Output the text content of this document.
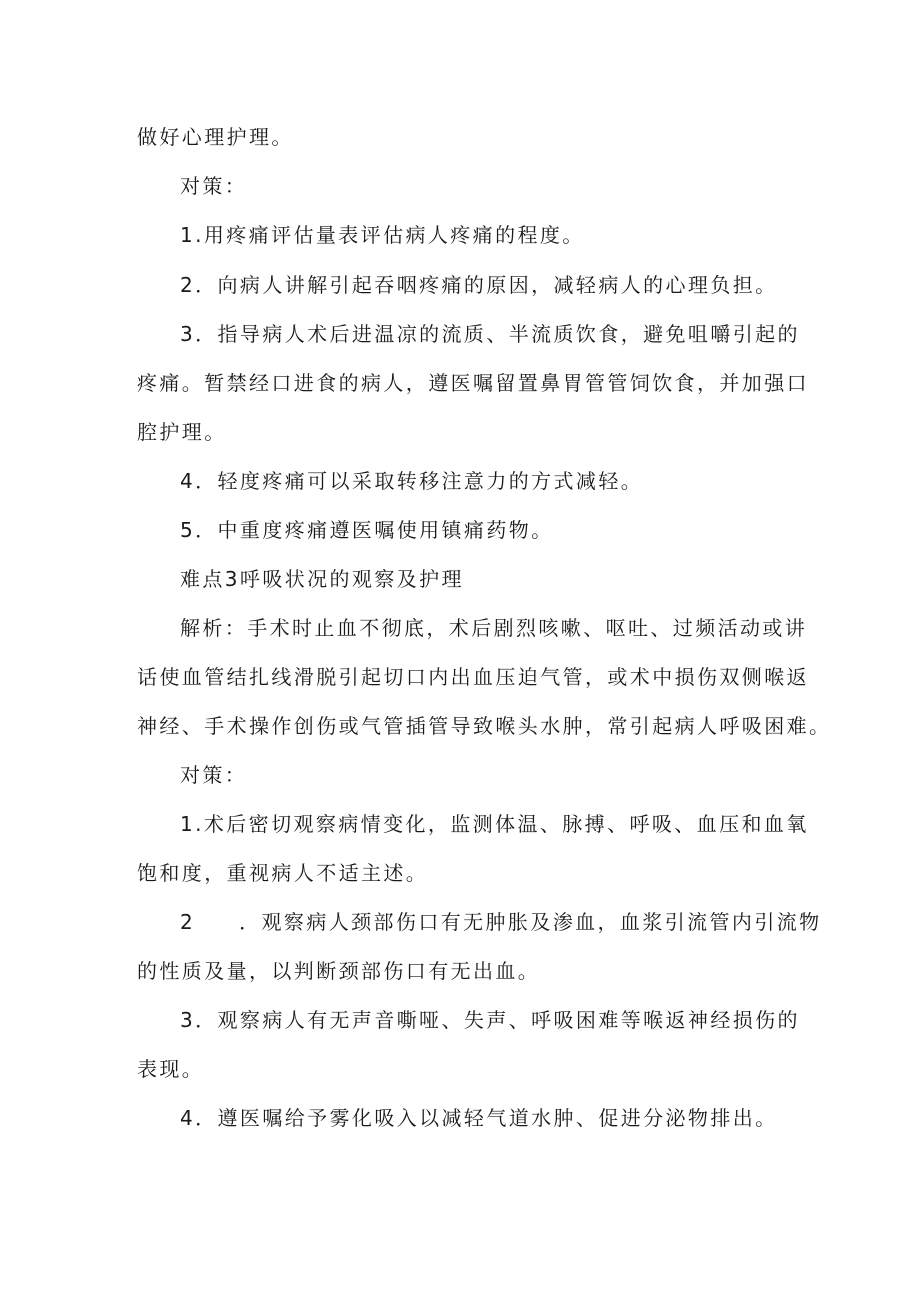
做好心理护理。
对策：
1.用疼痛评估量表评估病人疼痛的程度。
2．向病人讲解引起吞咽疼痛的原因，减轻病人的心理负担。
3．指导病人术后进温凉的流质、半流质饮食，避免咀嚼引起的
疼痛。暂禁经口进食的病人，遵医嘱留置鼻胃管管饲饮食，并加强口
腔护理。
4．轻度疼痛可以采取转移注意力的方式减轻。
5．中重度疼痛遵医嘱使用镇痛药物。
难点3呼吸状况的观察及护理
解析：手术时止血不彻底，术后剧烈咳嗽、呕吐、过频活动或讲
话使血管结扎线滑脱引起切口内出血压迫气管，或术中损伤双侧喉返
神经、手术操作创伤或气管插管导致喉头水肿，常引起病人呼吸困难。
对策：
1.术后密切观察病情变化，监测体温、脉搏、呼吸、血压和血氧
饱和度，重视病人不适主述。
2 ．观察病人颈部伤口有无肿胀及渗血，血浆引流管内引流物
的性质及量，以判断颈部伤口有无出血。
3．观察病人有无声音嘶哑、失声、呼吸困难等喉返神经损伤的
表现。
4．遵医嘱给予雾化吸入以减轻气道水肿、促进分泌物排出。
